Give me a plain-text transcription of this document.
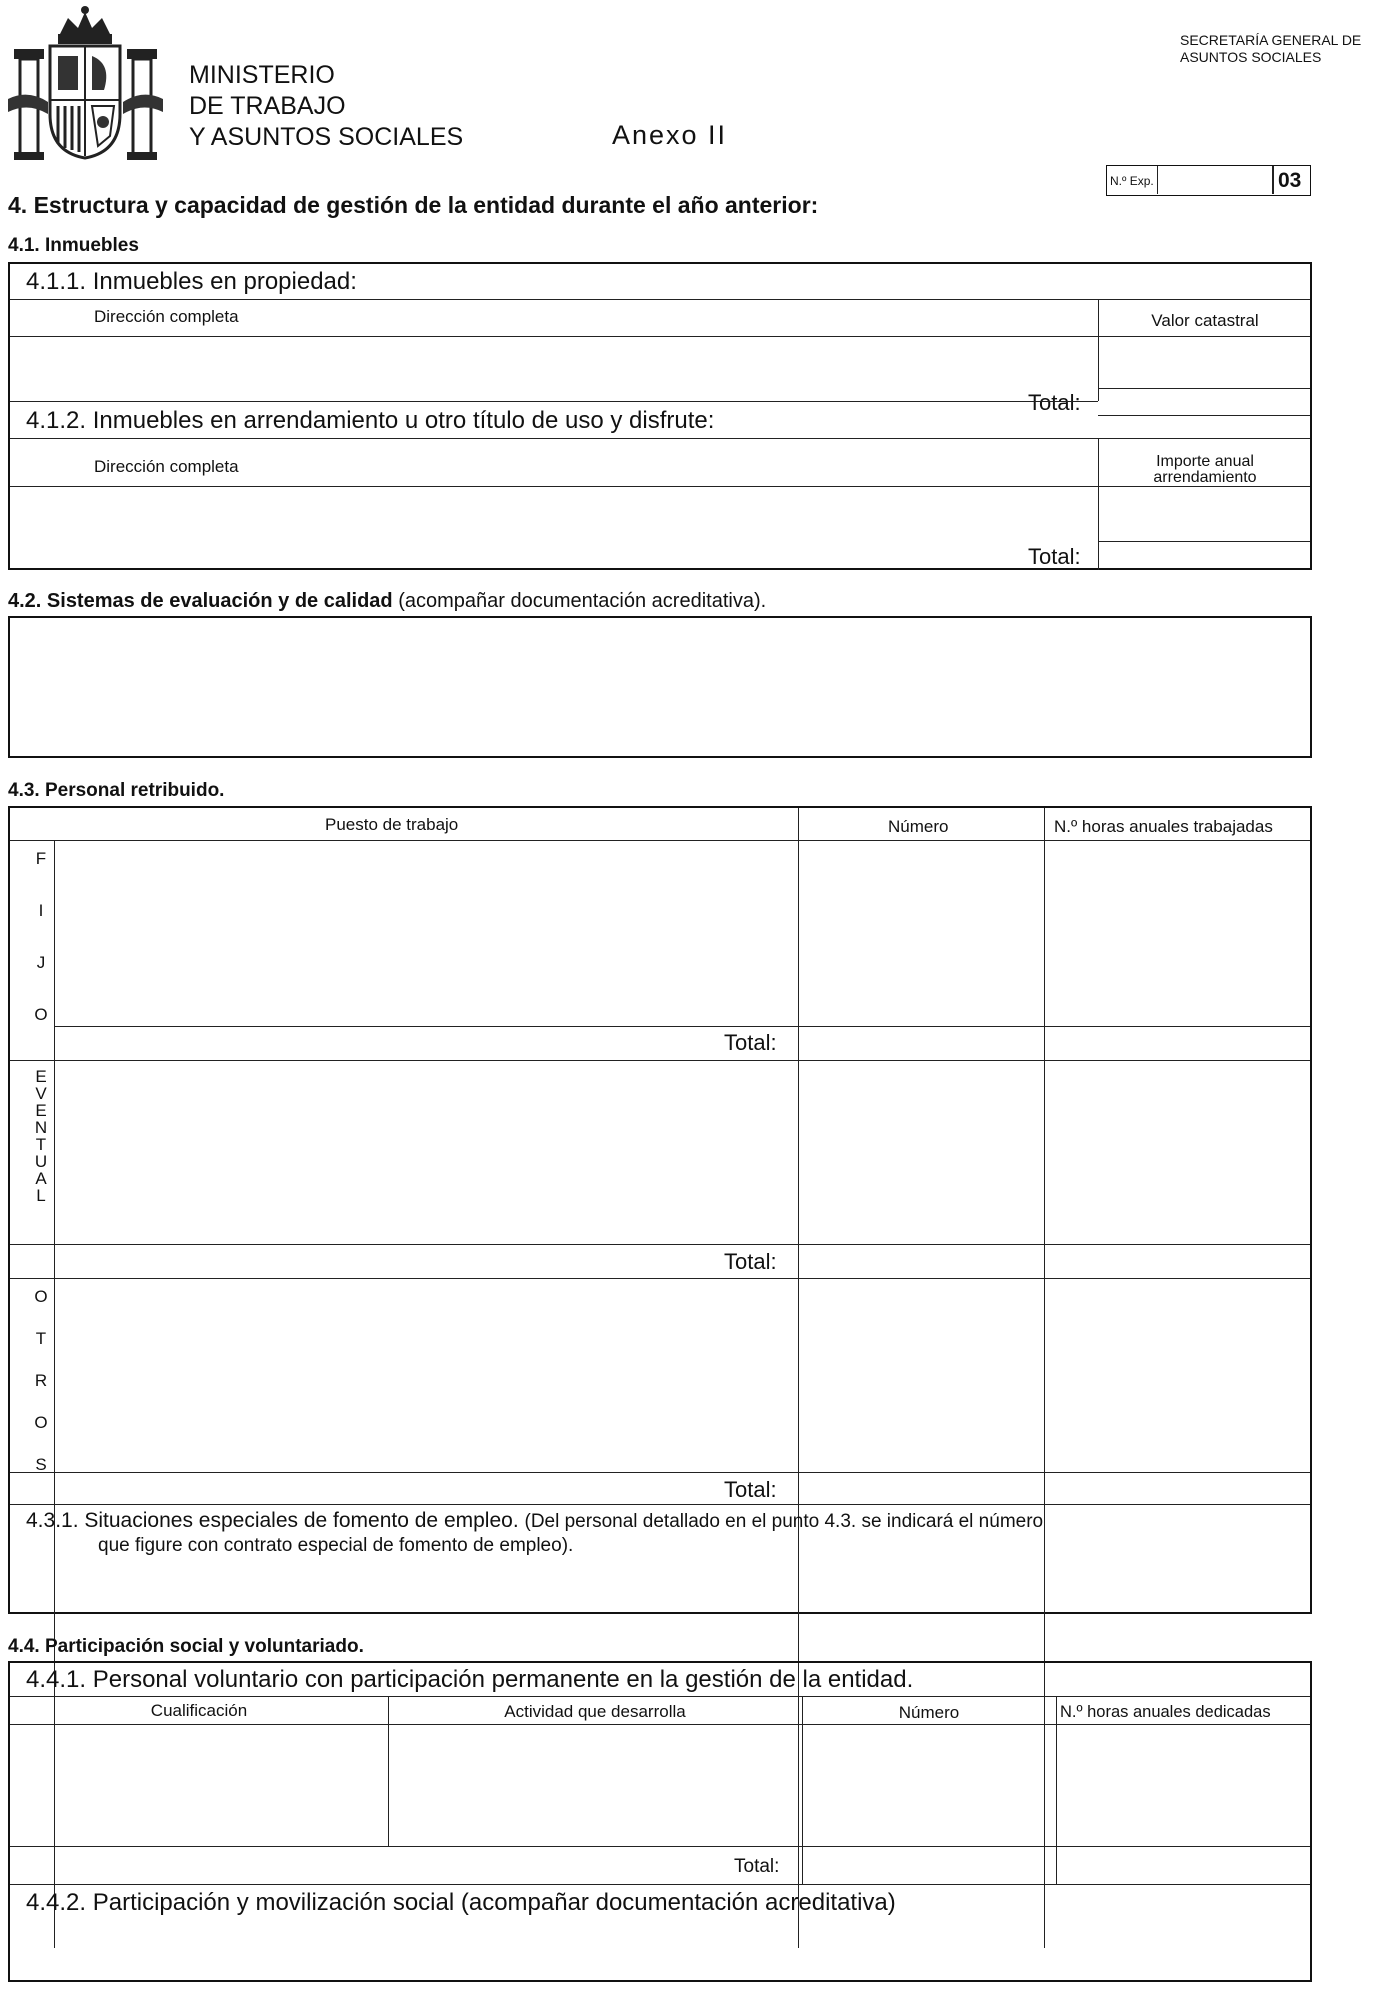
MINISTERIO
DE TRABAJO
Y ASUNTOS SOCIALES	Anexo II
SECRETARÍA GENERAL DE
ASUNTOS SOCIALES
N.º Exp.	03
4. Estructura y capacidad de gestión de la entidad durante el año anterior:
4.1. Inmuebles
4.1.1. Inmuebles en propiedad:
Dirección completa	Valor catastral
Total:
4.1.2. Inmuebles en arrendamiento u otro título de uso y disfrute:
Dirección completa	Importe anual
arrendamiento
Total:
4.2. Sistemas de evaluación y de calidad (acompañar documentación acreditativa).
4.3. Personal retribuido.
Puesto de trabajo	Número	N.º horas anuales trabajadas
F
I
J
O
Total:
E
V
E
N
T
U
A
L
Total:
O
T
R
O
S
Total:
4.3.1. Situaciones especiales de fomento de empleo. (Del personal detallado en el punto 4.3. se indicará el número
que figure con contrato especial de fomento de empleo).
4.4. Participación social y voluntariado.
4.4.1. Personal voluntario con participación permanente en la gestión de la entidad.
Cualificación	Actividad que desarrolla	Número	N.º horas anuales dedicadas
Total:
4.4.2. Participación y movilización social (acompañar documentación acreditativa)
